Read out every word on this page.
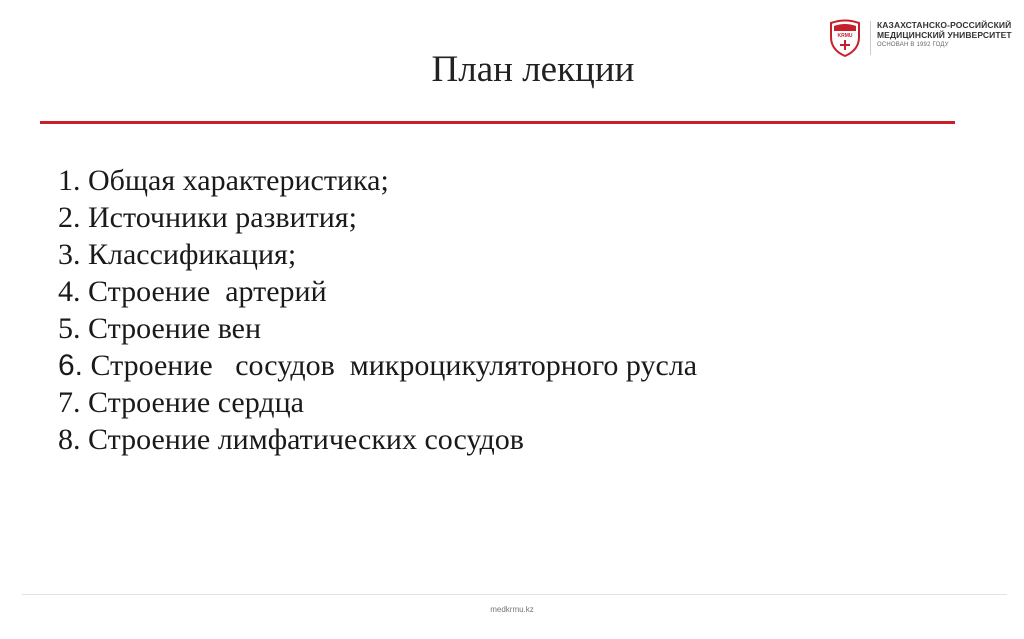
KRMU
КАЗАХСТАНСКО-РОССИЙСКИЙ
МЕДИЦИНСКИЙ УНИВЕРСИТЕТ
ОСНОВАН В 1992 ГОДУ
План лекции
1. Общая характеристика;
2. Источники развития;
3. Классификация;
4. Строение  артерий
5. Строение вен
6. Строение   сосудов  микроцикуляторного русла
7. Строение сердца
8. Строение лимфатических сосудов
medkrmu.kz
